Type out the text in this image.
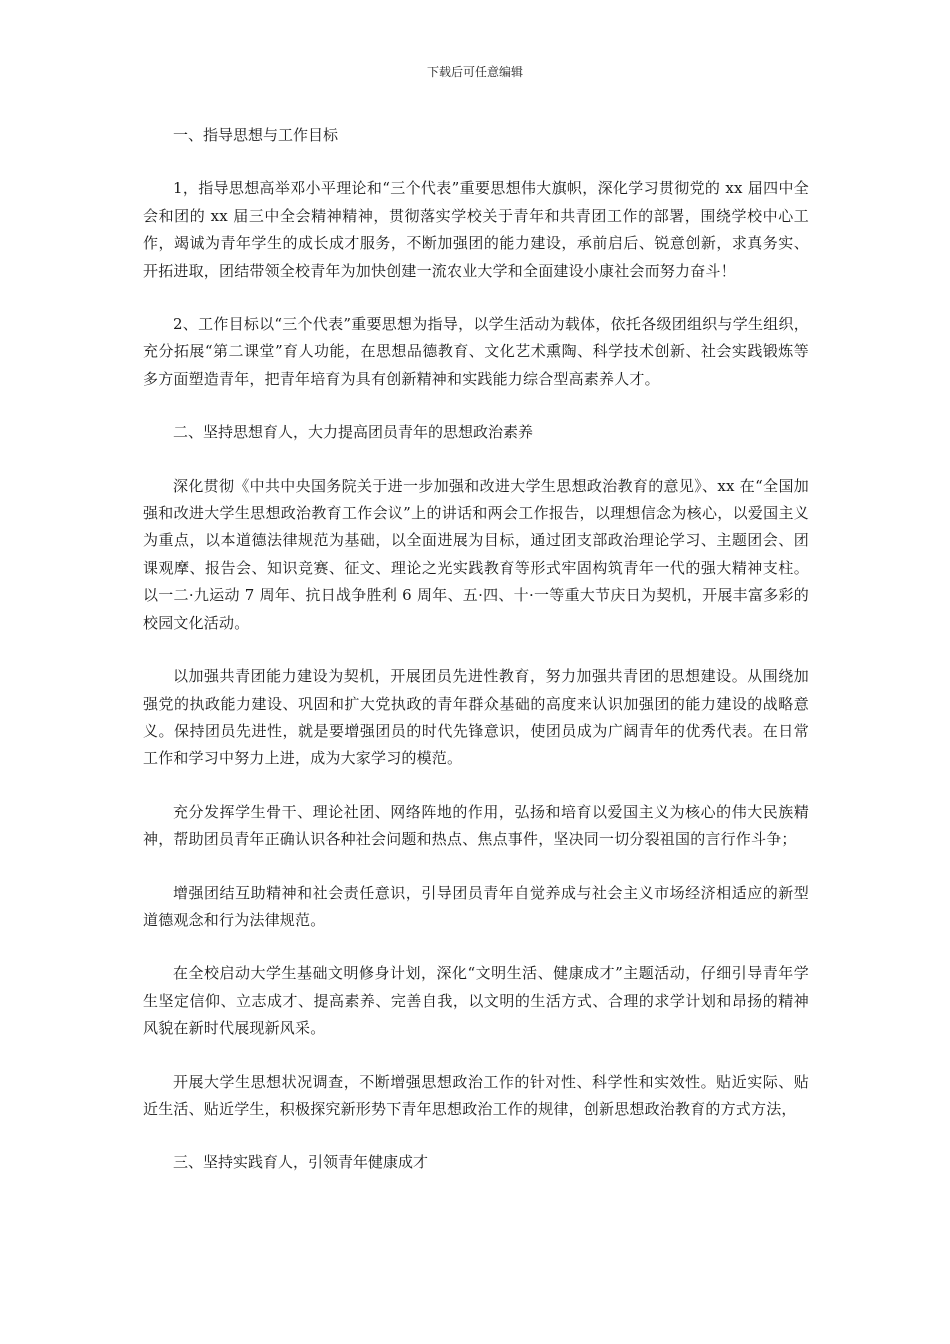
下载后可任意编辑

一、指导思想与工作目标

1，指导思想高举邓小平理论和“三个代表”重要思想伟大旗帜，深化学习贯彻党的 xx 届四中全会和团的 xx 届三中全会精神精神，贯彻落实学校关于青年和共青团工作的部署，围绕学校中心工作，竭诚为青年学生的成长成才服务，不断加强团的能力建设，承前启后、锐意创新，求真务实、开拓进取，团结带领全校青年为加快创建一流农业大学和全面建设小康社会而努力奋斗！

2、工作目标以“三个代表”重要思想为指导，以学生活动为载体，依托各级团组织与学生组织，充分拓展“第二课堂”育人功能，在思想品德教育、文化艺术熏陶、科学技术创新、社会实践锻炼等多方面塑造青年，把青年培育为具有创新精神和实践能力综合型高素养人才。

二、坚持思想育人，大力提高团员青年的思想政治素养

深化贯彻《中共中央国务院关于进一步加强和改进大学生思想政治教育的意见》、xx 在“全国加强和改进大学生思想政治教育工作会议”上的讲话和两会工作报告，以理想信念为核心，以爱国主义为重点，以本道德法律规范为基础，以全面进展为目标，通过团支部政治理论学习、主题团会、团课观摩、报告会、知识竞赛、征文、理论之光实践教育等形式牢固构筑青年一代的强大精神支柱。以一二·九运动 7 周年、抗日战争胜利 6 周年、五·四、十·一等重大节庆日为契机，开展丰富多彩的校园文化活动。

以加强共青团能力建设为契机，开展团员先进性教育，努力加强共青团的思想建设。从围绕加强党的执政能力建设、巩固和扩大党执政的青年群众基础的高度来认识加强团的能力建设的战略意义。保持团员先进性，就是要增强团员的时代先锋意识，使团员成为广阔青年的优秀代表。在日常工作和学习中努力上进，成为大家学习的模范。

充分发挥学生骨干、理论社团、网络阵地的作用，弘扬和培育以爱国主义为核心的伟大民族精神，帮助团员青年正确认识各种社会问题和热点、焦点事件，坚决同一切分裂祖国的言行作斗争；

增强团结互助精神和社会责任意识，引导团员青年自觉养成与社会主义市场经济相适应的新型道德观念和行为法律规范。

在全校启动大学生基础文明修身计划，深化“文明生活、健康成才”主题活动，仔细引导青年学生坚定信仰、立志成才、提高素养、完善自我，以文明的生活方式、合理的求学计划和昂扬的精神风貌在新时代展现新风采。

开展大学生思想状况调查，不断增强思想政治工作的针对性、科学性和实效性。贴近实际、贴近生活、贴近学生，积极探究新形势下青年思想政治工作的规律，创新思想政治教育的方式方法，

三、坚持实践育人，引领青年健康成才
